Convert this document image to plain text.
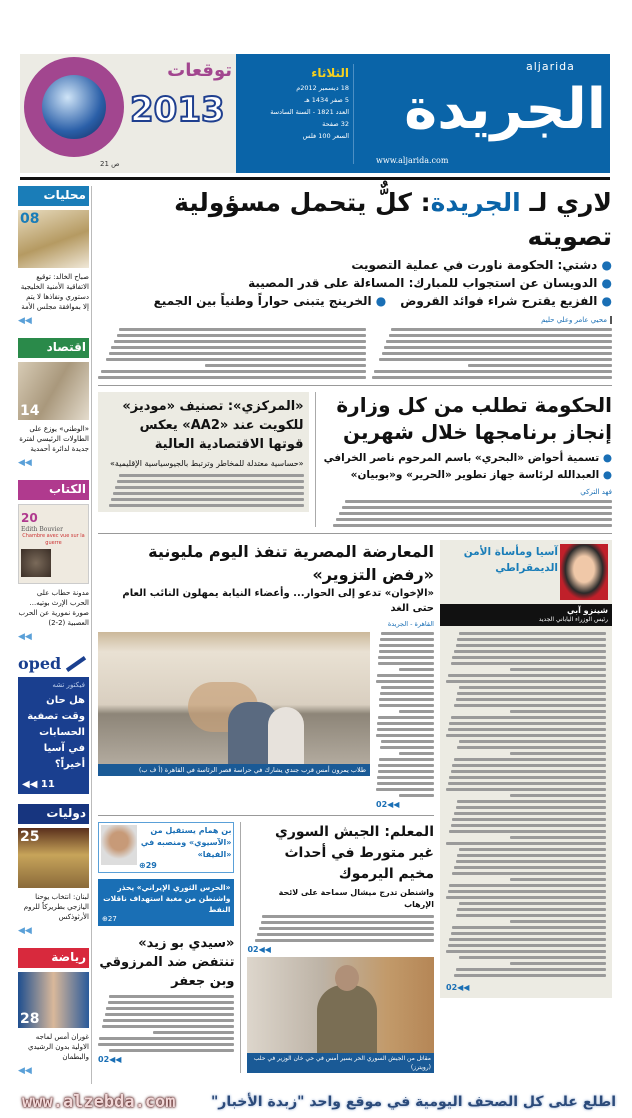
توقعات
2013
ص 21
الثلاثاء
18 ديسمبر 2012م
5 صفر 1434 هـ
العدد 1821 - السنة السادسة
32 صفحة
السعر 100 فلس
aljarida
الجريدة
www.aljarida.com
محليات
08
صباح الخالد: توقيع الاتفاقية الأمنية الخليجية دستوري ونفاذها لا يتم إلا بموافقة مجلس الأمة
◀◀
اقتصاد
14
«الوطني» يوزع على الطاولات الرئيسي لفترة جديدة لدائرة أحمدية
◀◀
الكتاب
20
Edith Bouvier
Chambre avec vue sur la guerre
مدونة حطاب على الحرب الإرث بوتيه... صورة نمورية عن الحرب العصبية (2-2)
◀◀
oped
فيكتور تشه
هل حان وقت تصفية الحسابات في آسيا أخيراً؟
◀◀ 11
دوليات
25
لبنان: انتخاب يوحنا اليازجي بطريركاً للروم الأرثوذكس
◀◀
رياضة
28
غوران أمس لماجه الاولية بدون الرشيدي والبطمان
◀◀
لاري لـ الجريدة: كلٌّ يتحمل مسؤولية تصويته
● دشتي: الحكومة ناورت في عملية التصويت
● الدويسان عن استجواب للمبارك: المساءلة على قدر المصيبة
● الفزيع يقترح شراء فوائد القروض
● الخرينج يتبنى حواراً وطنياً بين الجميع
محيي عامر وعلي حليم
الحكومة تطلب من كل وزارة إنجاز برنامجها خلال شهرين
● تسمية أحواض «البحري» باسم المرحوم ناصر الخرافي
● العبدالله لرئاسة جهاز تطوير «الحرير» و«بوبيان»
فهد التركي
«المركزي»: تصنيف «موديز» للكويت عند «AA2» يعكس قوتها الاقتصادية العالية
«حساسية معتدلة للمخاطر وترتبط بالجيوسياسية الإقليمية»
آسيا ومأساة الأمن الديمقراطي
شينزو آبي
رئيس الوزراء الياباني الجديد
02◀◀
المعارضة المصرية تنفذ اليوم مليونية «رفض التزوير»
«الإخوان» تدعو إلى الحوار... وأعضاء النيابة يمهلون النائب العام حتى الغد
القاهرة - الجريدة
02◀◀
طلاب يمرون أمس قرب جندي يشارك في حراسة قصر الرئاسة في القاهرة (أ ف ب)
المعلم: الجيش السوري غير متورط في أحداث مخيم اليرموك
واشنطن تدرج ميشال سماحة على لائحة الإرهاب
02◀◀
مقاتل من الجيش السوري الحر يسير أمس في حي خان الوزير في حلب (رويترز)
بن همام يستقيل من «الآسيوي» ومنصبه في «الفيفا»
⊕29
«الحرس الثوري الإيراني» يحذر واشنطن من مغبة استهداف ناقلات النفط
⊕27
«سيدي بو زيد» تنتفض ضد المرزوقي وبن جعفر
02◀◀
www.alzebda.com	اطلع على كل الصحف اليومية في موقع واحد "زبدة الأخبار"
